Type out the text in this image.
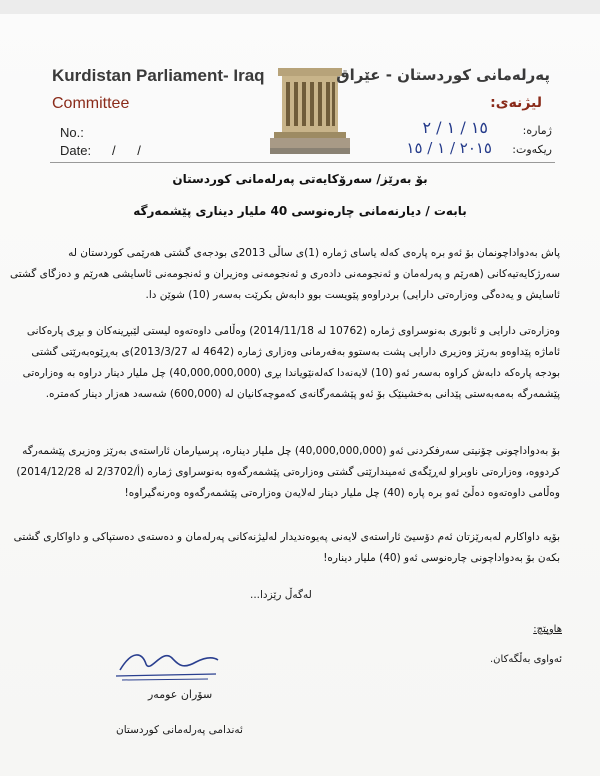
Kurdistan Parliament- Iraq
Committee
No.:
Date: /      /
پەرلەمانی کوردستان - عێراق
لیژنەی:
ژمارە:
ریکەوت:
١٥ / ١ / ٢
٢٠١٥ / ١ / ١٥
بۆ بەرێز/ سەرۆکایەتی پەرلەمانی کوردستان
بابەت / دیارنەمانی چارەنوسی 40 ملیار دیناری پێشمەرگە
پاش بەدواداچونمان بۆ ئەو برە پارەی کەلە یاسای ژمارە (1)ی ساڵی 2013ی بودجەی گشتی هەرێمی کوردستان لە
سەرژکایەتیەکانی (هەرێم و پەرلەمان و ئەنجومەنی دادەری و ئەنجومەنی وەزیران و ئەنجومەنی ئاسایشی هەرێم و دەزگای گشتی
ئاسایش و یەدەگی وەزارەتی دارایی) بردراوەو پێویست بوو دابەش بکرێت بەسەر (10) شوێن دا.
وەزارەتی دارایی و ئابوری بەنوسراوی ژمارە (10762 لە 2014/11/18) وەڵامی داوەتەوە لیستی لێبڕینەکان و بڕی پارەکانی
ئاماژە پێداوەو بەرێز وەزیری دارایی پشت بەستوو بەفەرمانی وەزاری ژمارە (4642 لە 2013/3/27)ی بەڕێوەبەرێتی گشتی
بودجە پارەکە دابەش کراوە بەسەر ئەو (10) لایەنەدا کەلەنێویاندا بڕی (40,000,000,000) چل ملیار دینار دراوە بە وەزارەتی
پێشمەرگە بەمەبەستی پێدانی بەخشینێک بۆ ئەو پێشمەرگانەی کەموچەکانیان لە (600,000) شەسەد هەزار دینار کەمترە.
بۆ بەدواداچونی چۆنیتی سەرفکردنی ئەو (40,000,000,000) چل ملیار دینارە، پرسیارمان ئاراستەی بەرێز وەزیری پێشمەرگە
کردووە، وەزارەتی ناوبراو لەڕێگەی ئەمیندارێتی گشتی وەزارەتی پێشمەرگەوە بەنوسراوی ژمارە (أ/2/3702 لە 2014/12/28)
وەڵامی داوەتەوە دەڵێ ئەو برە پارە (40) چل ملیار دینار لەلایەن وەزارەتی پێشمەرگەوە وەرنەگیراوە!
بۆیە داواکارم لەبەرێزتان ئەم دۆسیێ ئاراستەی لایەنی پەیوەندیدار لەلیژنەکانی پەرلەمان و دەستەی دەستپاکی و داواکاری گشتی
بکەن بۆ بەدواداچونی چارەنوسی ئەو (40) ملیار دینارە!
لەگەڵ رێزدا...
هاوپێچ:
ئەواوی بەڵگەکان.
سۆران عومەر
ئەندامی پەرلەمانی کوردستان
